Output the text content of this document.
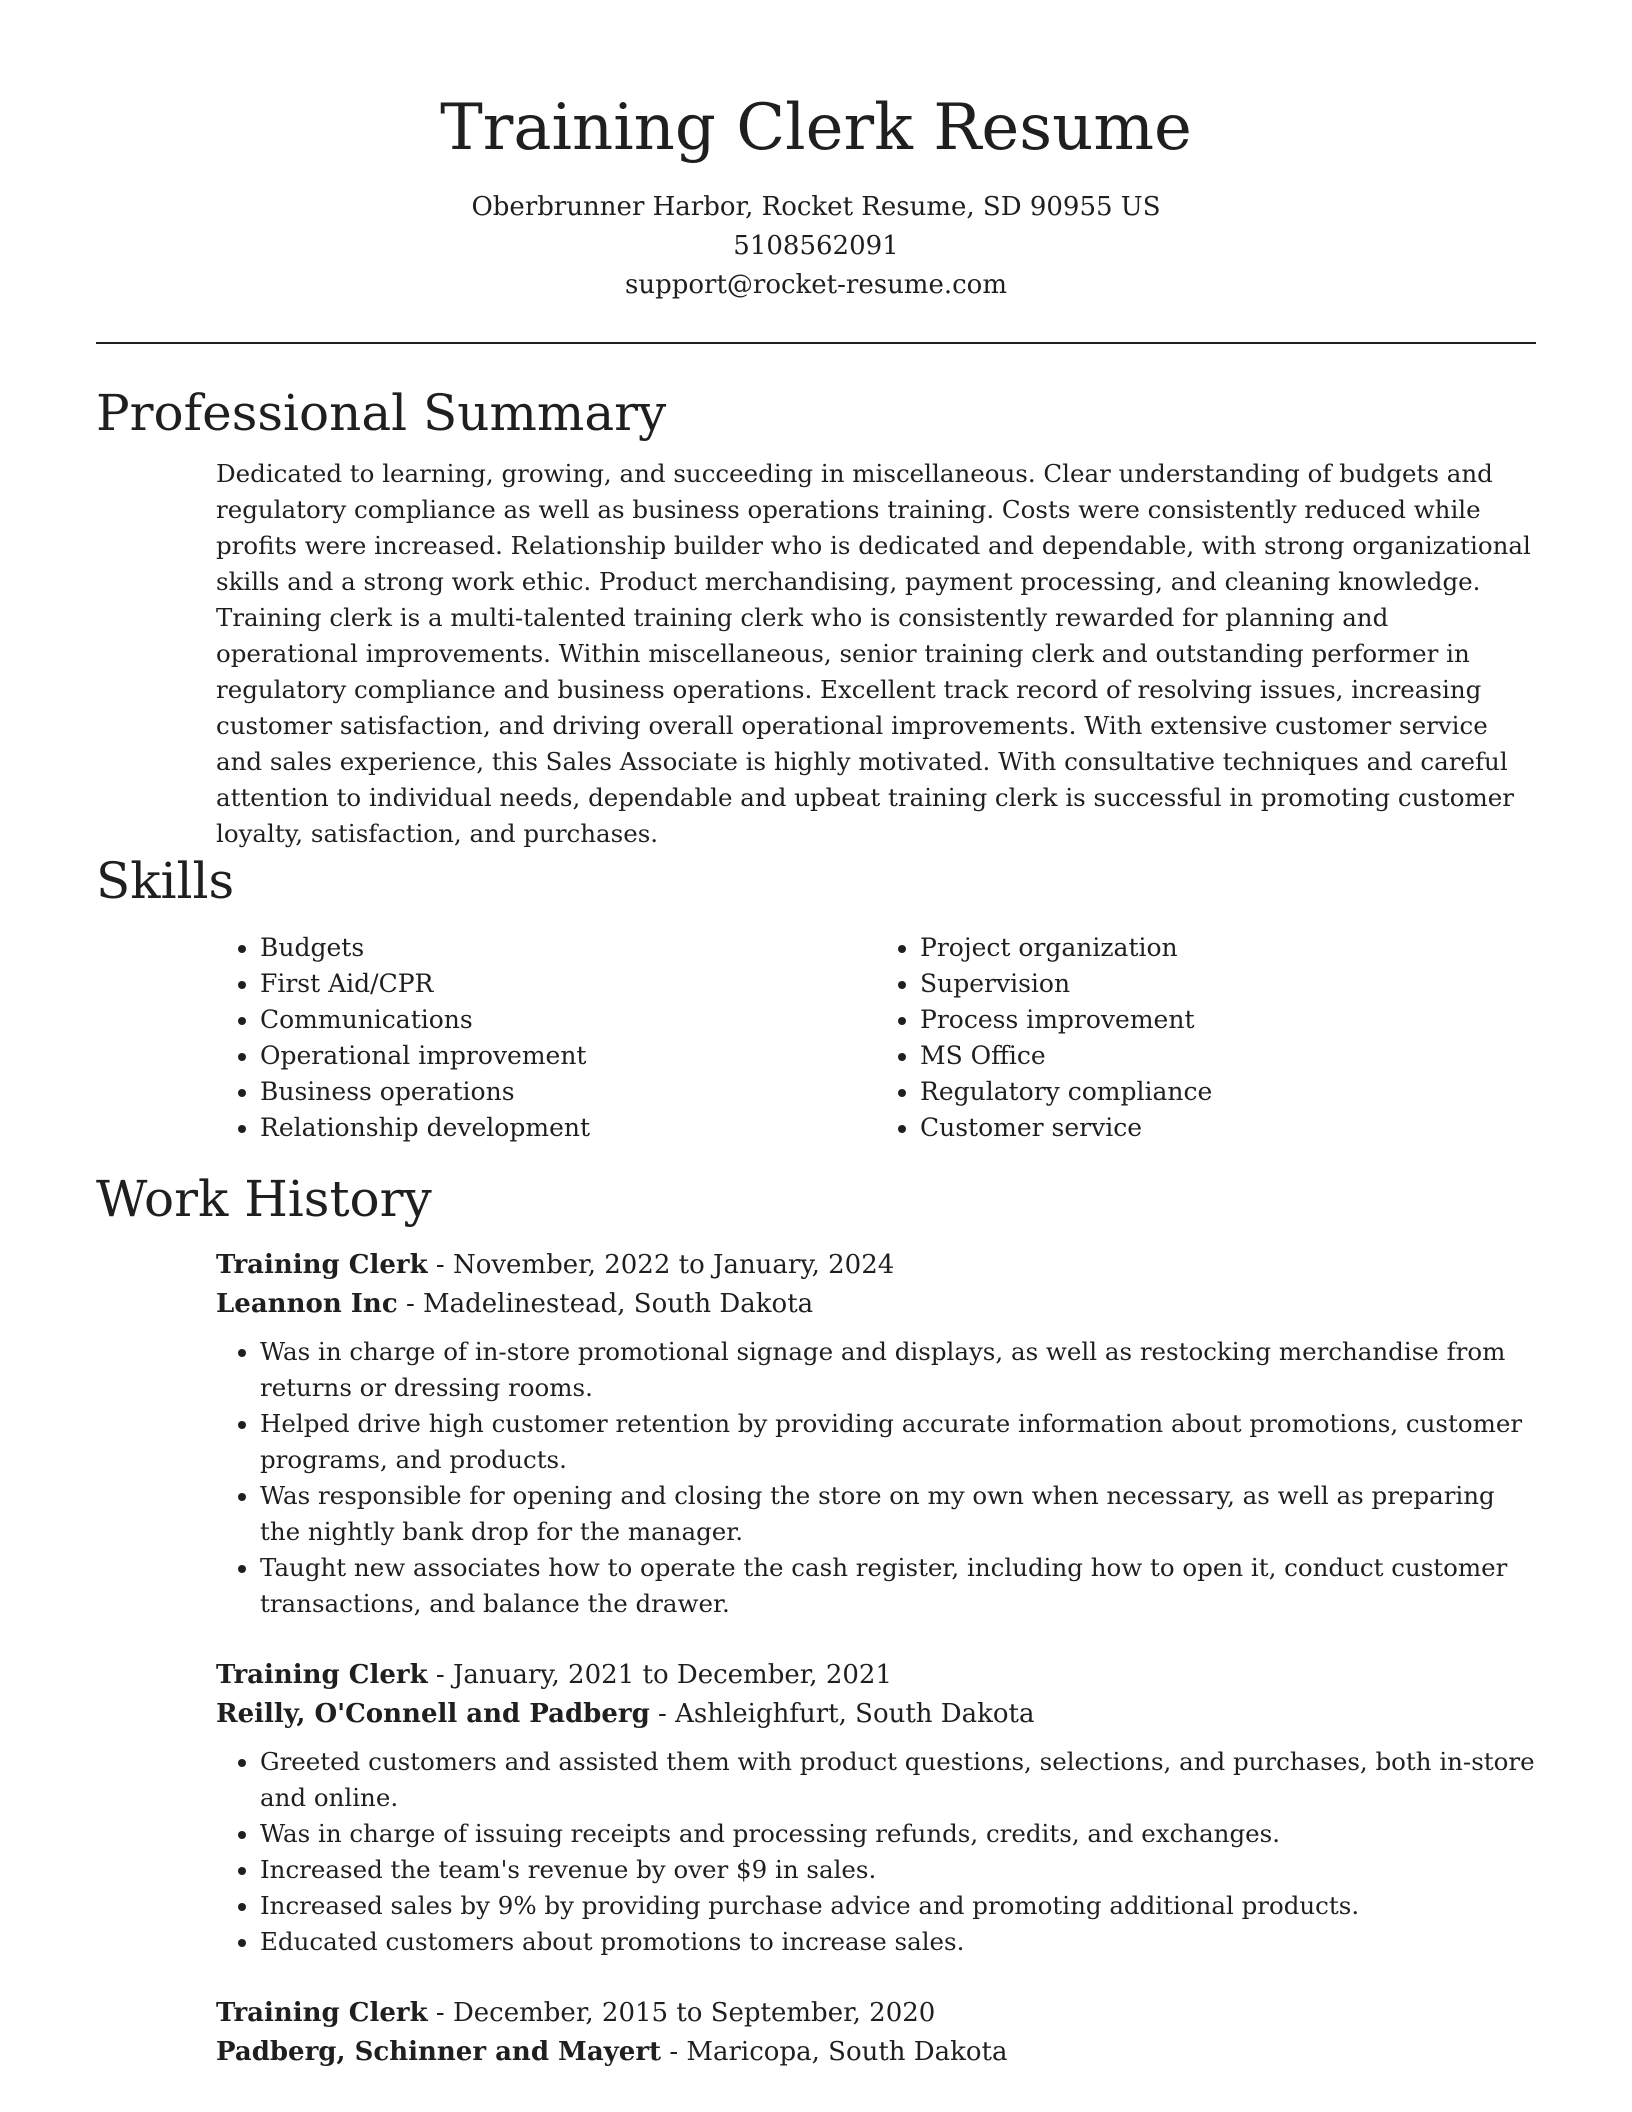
Training Clerk Resume
Oberbrunner Harbor, Rocket Resume, SD 90955 US
5108562091
support@rocket-resume.com
Professional Summary

Dedicated to learning, growing, and succeeding in miscellaneous. Clear understanding of budgets and regulatory compliance as well as business operations training. Costs were consistently reduced while profits were increased. Relationship builder who is dedicated and dependable, with strong organizational skills and a strong work ethic. Product merchandising, payment processing, and cleaning knowledge. Training clerk is a multi-talented training clerk who is consistently rewarded for planning and operational improvements. Within miscellaneous, senior training clerk and outstanding performer in regulatory compliance and business operations. Excellent track record of resolving issues, increasing customer satisfaction, and driving overall operational improvements. With extensive customer service and sales experience, this Sales Associate is highly motivated. With consultative techniques and careful attention to individual needs, dependable and upbeat training clerk is successful in promoting customer loyalty, satisfaction, and purchases.

Skills
• Budgets
• First Aid/CPR
• Communications
• Operational improvement
• Business operations
• Relationship development
• Project organization
• Supervision
• Process improvement
• MS Office
• Regulatory compliance
• Customer service
Work History
Training Clerk - November, 2022 to January, 2024
Leannon Inc - Madelinestead, South Dakota
• Was in charge of in-store promotional signage and displays, as well as restocking merchandise from returns or dressing rooms.
• Helped drive high customer retention by providing accurate information about promotions, customer programs, and products.
• Was responsible for opening and closing the store on my own when necessary, as well as preparing the nightly bank drop for the manager.
• Taught new associates how to operate the cash register, including how to open it, conduct customer transactions, and balance the drawer.
Training Clerk - January, 2021 to December, 2021
Reilly, O'Connell and Padberg - Ashleighfurt, South Dakota
• Greeted customers and assisted them with product questions, selections, and purchases, both in-store and online.
• Was in charge of issuing receipts and processing refunds, credits, and exchanges.
• Increased the team's revenue by over $9 in sales.
• Increased sales by 9% by providing purchase advice and promoting additional products.
• Educated customers about promotions to increase sales.
Training Clerk - December, 2015 to September, 2020
Padberg, Schinner and Mayert - Maricopa, South Dakota
